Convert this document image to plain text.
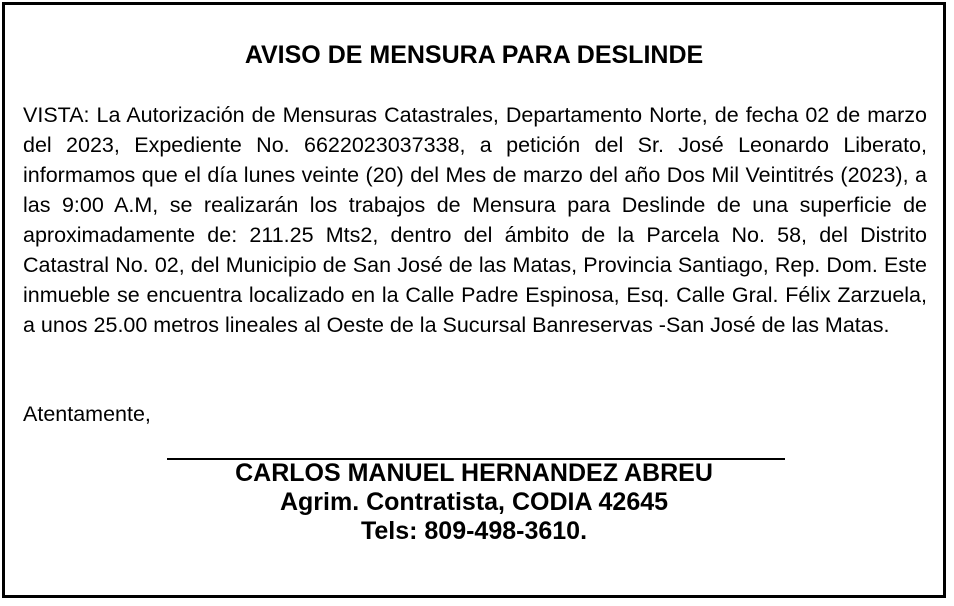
AVISO DE MENSURA PARA DESLINDE

VISTA: La Autorización de Mensuras Catastrales, Departamento Norte, de fecha 02 de marzo del 2023, Expediente No. 6622023037338, a petición del Sr. José Leonardo Liberato, informamos que el día lunes veinte (20) del Mes de marzo del año Dos Mil Veintitrés (2023), a las 9:00 A.M, se realizarán los trabajos de Mensura para Deslinde de una superficie de aproximadamente de: 211.25 Mts2, dentro del ámbito de la Parcela No. 58, del Distrito Catastral No. 02, del Municipio de San José de las Matas, Provincia Santiago, Rep. Dom. Este inmueble se encuentra localizado en la Calle Padre Espinosa, Esq. Calle Gral. Félix Zarzuela, a unos 25.00 metros lineales al Oeste de la Sucursal Banreservas -San José de las Matas.

Atentamente,
CARLOS MANUEL HERNANDEZ ABREU
Agrim. Contratista, CODIA 42645
Tels: 809-498-3610.
